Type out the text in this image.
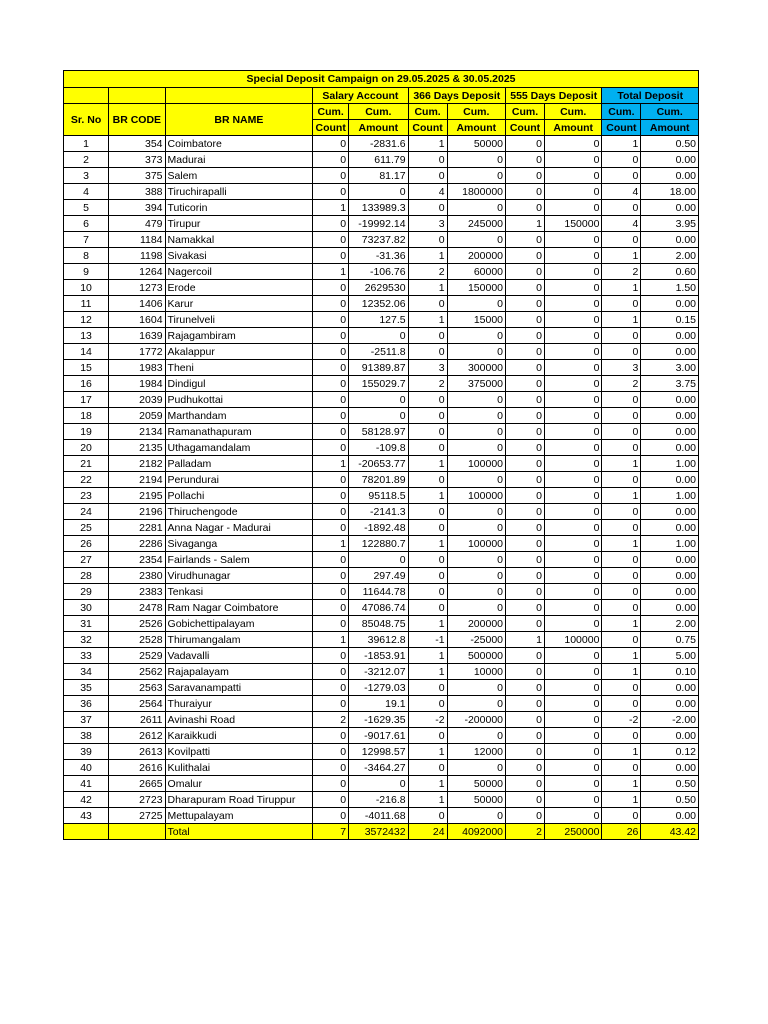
Special Deposit Campaign on 29.05.2025 & 30.05.2025										
			Salary Account		366 Days Deposit		555 Days Deposit		Total Deposit	
Sr. No	BR CODE	BR NAME	Cum.	Cum.	Cum.	Cum.	Cum.	Cum.	Cum.	Cum.
			Count	Amount	Count	Amount	Count	Amount	Count	Amount
1	354	Coimbatore	0	-2831.6	1	50000	0	0	1	0.50
2	373	Madurai	0	611.79	0	0	0	0	0	0.00
3	375	Salem	0	81.17	0	0	0	0	0	0.00
4	388	Tiruchirapalli	0	0	4	1800000	0	0	4	18.00
5	394	Tuticorin	1	133989.3	0	0	0	0	0	0.00
6	479	Tirupur	0	-19992.14	3	245000	1	150000	4	3.95
7	1184	Namakkal	0	73237.82	0	0	0	0	0	0.00
8	1198	Sivakasi	0	-31.36	1	200000	0	0	1	2.00
9	1264	Nagercoil	1	-106.76	2	60000	0	0	2	0.60
10	1273	Erode	0	2629530	1	150000	0	0	1	1.50
11	1406	Karur	0	12352.06	0	0	0	0	0	0.00
12	1604	Tirunelveli	0	127.5	1	15000	0	0	1	0.15
13	1639	Rajagambiram	0	0	0	0	0	0	0	0.00
14	1772	Akalappur	0	-2511.8	0	0	0	0	0	0.00
15	1983	Theni	0	91389.87	3	300000	0	0	3	3.00
16	1984	Dindigul	0	155029.7	2	375000	0	0	2	3.75
17	2039	Pudhukottai	0	0	0	0	0	0	0	0.00
18	2059	Marthandam	0	0	0	0	0	0	0	0.00
19	2134	Ramanathapuram	0	58128.97	0	0	0	0	0	0.00
20	2135	Uthagamandalam	0	-109.8	0	0	0	0	0	0.00
21	2182	Palladam	1	-20653.77	1	100000	0	0	1	1.00
22	2194	Perundurai	0	78201.89	0	0	0	0	0	0.00
23	2195	Pollachi	0	95118.5	1	100000	0	0	1	1.00
24	2196	Thiruchengode	0	-2141.3	0	0	0	0	0	0.00
25	2281	Anna Nagar - Madurai	0	-1892.48	0	0	0	0	0	0.00
26	2286	Sivaganga	1	122880.7	1	100000	0	0	1	1.00
27	2354	Fairlands - Salem	0	0	0	0	0	0	0	0.00
28	2380	Virudhunagar	0	297.49	0	0	0	0	0	0.00
29	2383	Tenkasi	0	11644.78	0	0	0	0	0	0.00
30	2478	Ram Nagar Coimbatore	0	47086.74	0	0	0	0	0	0.00
31	2526	Gobichettipalayam	0	85048.75	1	200000	0	0	1	2.00
32	2528	Thirumangalam	1	39612.8	-1	-25000	1	100000	0	0.75
33	2529	Vadavalli	0	-1853.91	1	500000	0	0	1	5.00
34	2562	Rajapalayam	0	-3212.07	1	10000	0	0	1	0.10
35	2563	Saravanampatti	0	-1279.03	0	0	0	0	0	0.00
36	2564	Thuraiyur	0	19.1	0	0	0	0	0	0.00
37	2611	Avinashi Road	2	-1629.35	-2	-200000	0	0	-2	-2.00
38	2612	Karaikkudi	0	-9017.61	0	0	0	0	0	0.00
39	2613	Kovilpatti	0	12998.57	1	12000	0	0	1	0.12
40	2616	Kulithalai	0	-3464.27	0	0	0	0	0	0.00
41	2665	Omalur	0	0	1	50000	0	0	1	0.50
42	2723	Dharapuram Road Tiruppur	0	-216.8	1	50000	0	0	1	0.50
43	2725	Mettupalayam	0	-4011.68	0	0	0	0	0	0.00
		Total	7	3572432	24	4092000	2	250000	26	43.42
